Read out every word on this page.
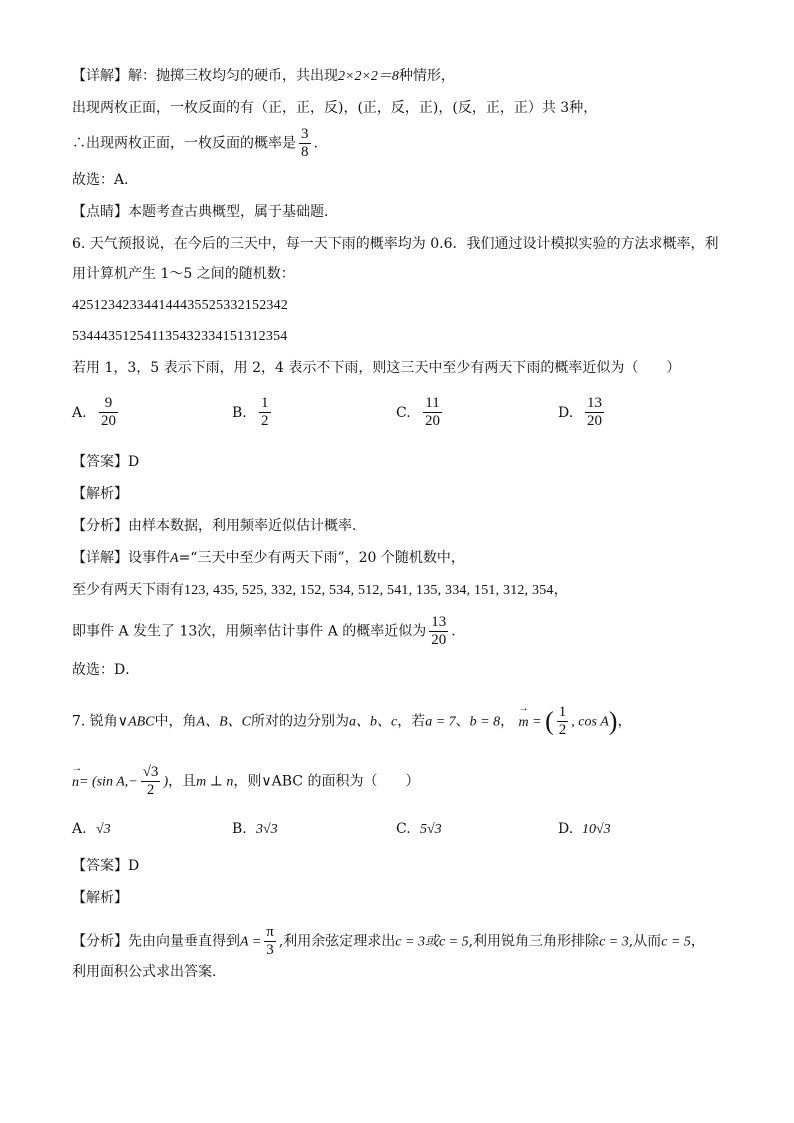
【详解】解：抛掷三枚均匀的硬币，共出现2×2×2＝8种情形，
出现两枚正面，一枚反面的有（正，正，反)，(正，反，正)，(反，正，正）共 3种，
∴出现两枚正面，一枚反面的概率是 $\frac{3}{8}$ .
故选：A．
【点睛】本题考查古典概型，属于基础题．
6. 天气预报说，在今后的三天中，每一天下雨的概率均为 0.6．我们通过设计模拟实验的方法求概率，利
用计算机产生 1～5 之间的随机数：
425123423344144435525332152342
534443512541135432334151312354
若用 1，3，5 表示下雨，用 2，4 表示不下雨，则这三天中至少有两天下雨的概率近似为（　　）
A. $\frac{9}{20}$	B. $\frac{1}{2}$	C. $\frac{11}{20}$	D. $\frac{13}{20}$
【答案】D
【解析】
【分析】由样本数据，利用频率近似估计概率.
【详解】设事件A=“三天中至少有两天下雨”，20 个随机数中，
至少有两天下雨有123, 435, 525, 332, 152, 534, 512, 541, 135, 334, 151, 312, 354，
即事件 A 发生了 13次，用频率估计事件 A 的概率近似为 $\frac{13}{20}$ .
故选：D．
7. 锐角∨ABC中，角A、B、C所对的边分别为a、b、c，若a = 7、b = 8，
→
m = ( $\frac{1}{2}$ , cos A)，
→
n= (sin $A,- \frac{√3}{2}$ )，且m ⊥ n，则∨ABC 的面积为（　　）
A. √3	B. 3√3	C. 5√3	D. 10√3
【答案】D
【解析】
【分析】先由向量垂直得到$A = \frac{\pi}{3}$ ,利用余弦定理求出c = 3或c = 5,利用锐角三角形排除c = 3,从而c = 5，
利用面积公式求出答案.
